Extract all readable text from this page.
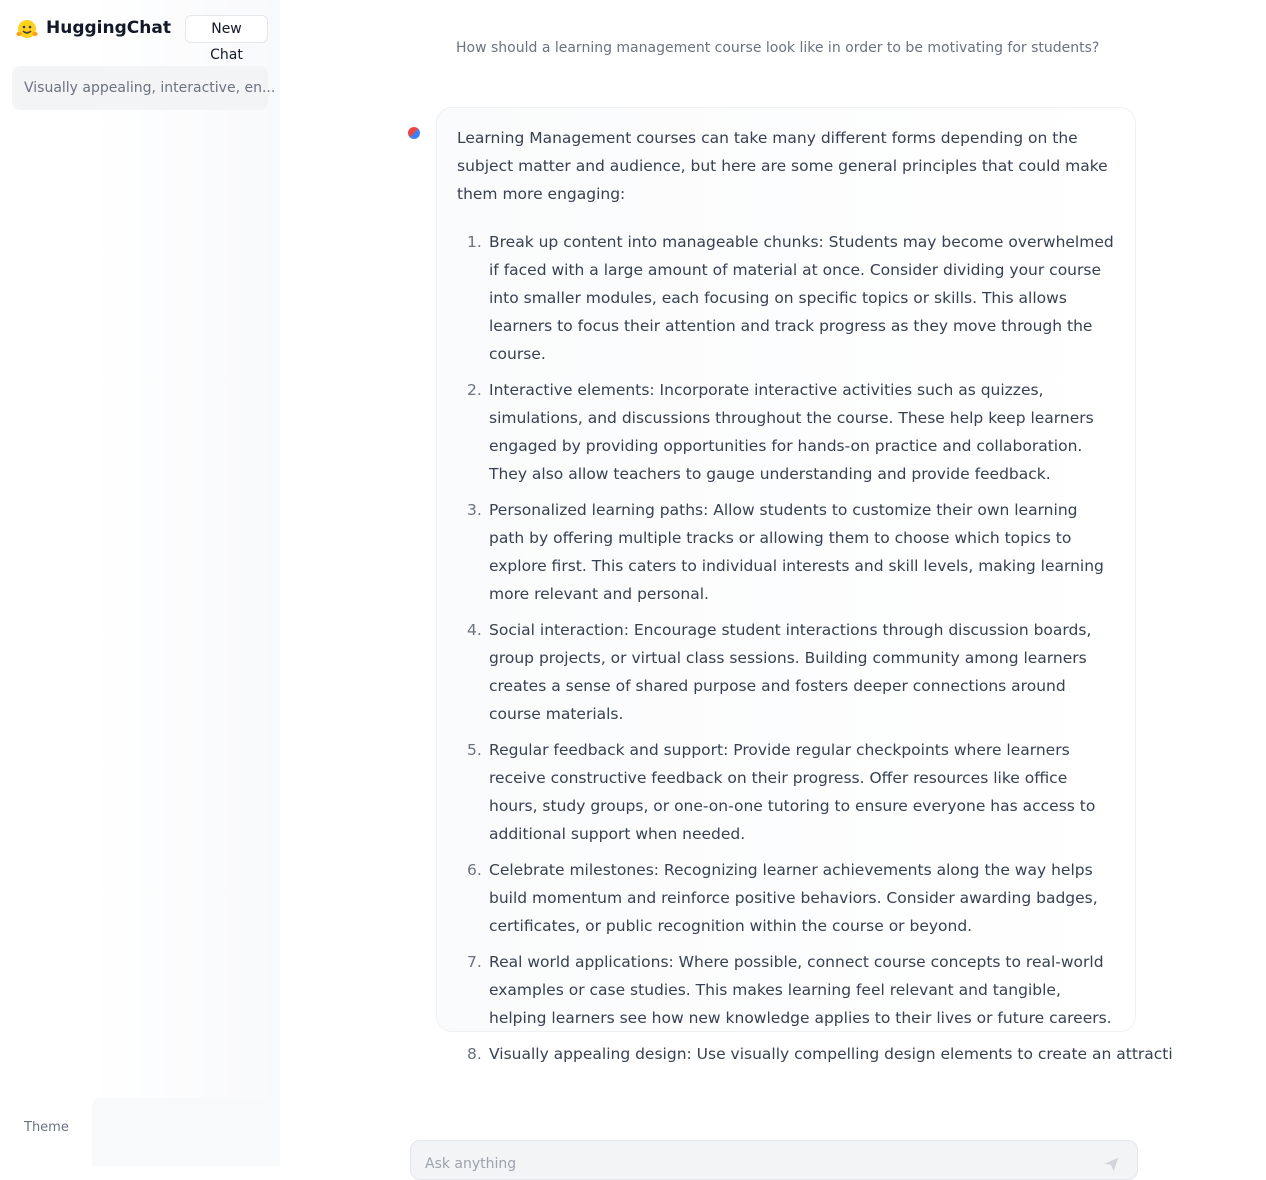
HuggingChat	New Chat
Visually appealing, interactive, en...
Theme
How should a learning management course look like in order to be motivating for students?

Learning Management courses can take many different forms depending on the subject matter and audience, but here are some general principles that could make them more engaging:

1. Break up content into manageable chunks: Students may become overwhelmed if faced with a large amount of material at once. Consider dividing your course into smaller modules, each focusing on specific topics or skills. This allows learners to focus their attention and track progress as they move through the course.
2. Interactive elements: Incorporate interactive activities such as quizzes, simulations, and discussions throughout the course. These help keep learners engaged by providing opportunities for hands-on practice and collaboration. They also allow teachers to gauge understanding and provide feedback.
3. Personalized learning paths: Allow students to customize their own learning path by offering multiple tracks or allowing them to choose which topics to explore first. This caters to individual interests and skill levels, making learning more relevant and personal.
4. Social interaction: Encourage student interactions through discussion boards, group projects, or virtual class sessions. Building community among learners creates a sense of shared purpose and fosters deeper connections around course materials.
5. Regular feedback and support: Provide regular checkpoints where learners receive constructive feedback on their progress. Offer resources like office hours, study groups, or one-on-one tutoring to ensure everyone has access to additional support when needed.
6. Celebrate milestones: Recognizing learner achievements along the way helps build momentum and reinforce positive behaviors. Consider awarding badges, certificates, or public recognition within the course or beyond.
7. Real world applications: Where possible, connect course concepts to real-world examples or case studies. This makes learning feel relevant and tangible, helping learners see how new knowledge applies to their lives or future careers.
8. Visually appealing design: Use visually compelling design elements to create an attracti
Ask anything
